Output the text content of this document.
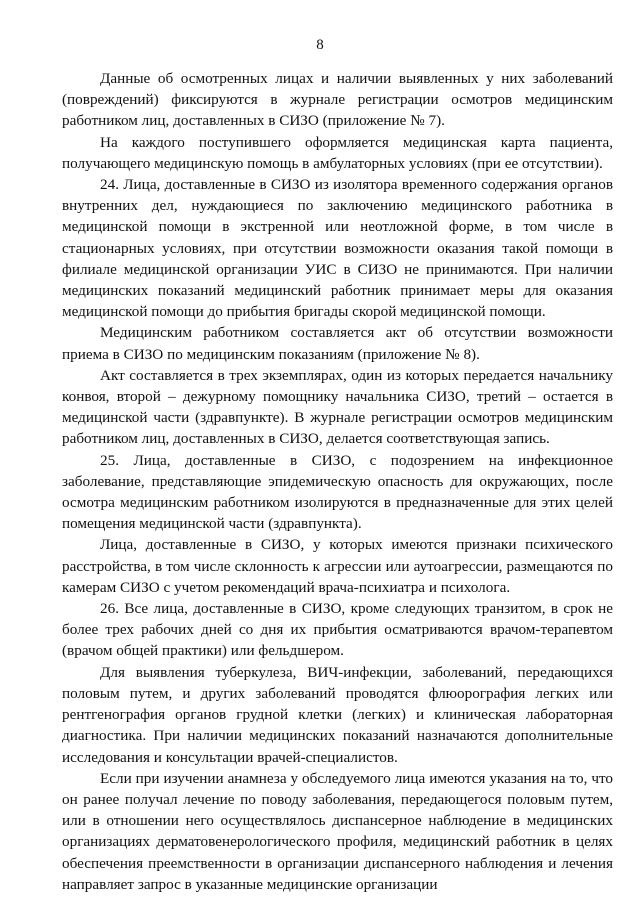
8

Данные об осмотренных лицах и наличии выявленных у них заболеваний (повреждений) фиксируются в журнале регистрации осмотров медицинским работником лиц, доставленных в СИЗО (приложение № 7).

На каждого поступившего оформляется медицинская карта пациента, получающего медицинскую помощь в амбулаторных условиях (при ее отсутствии).

24. Лица, доставленные в СИЗО из изолятора временного содержания органов внутренних дел, нуждающиеся по заключению медицинского работника в медицинской помощи в экстренной или неотложной форме, в том числе в стационарных условиях, при отсутствии возможности оказания такой помощи в филиале медицинской организации УИС в СИЗО не принимаются. При наличии медицинских показаний медицинский работник принимает меры для оказания медицинской помощи до прибытия бригады скорой медицинской помощи.

Медицинским работником составляется акт об отсутствии возможности приема в СИЗО по медицинским показаниям (приложение № 8).

Акт составляется в трех экземплярах, один из которых передается начальнику конвоя, второй – дежурному помощнику начальника СИЗО, третий – остается в медицинской части (здравпункте). В журнале регистрации осмотров медицинским работником лиц, доставленных в СИЗО, делается соответствующая запись.

25. Лица, доставленные в СИЗО, с подозрением на инфекционное заболевание, представляющие эпидемическую опасность для окружающих, после осмотра медицинским работником изолируются в предназначенные для этих целей помещения медицинской части (здравпункта).

Лица, доставленные в СИЗО, у которых имеются признаки психического расстройства, в том числе склонность к агрессии или аутоагрессии, размещаются по камерам СИЗО с учетом рекомендаций врача-психиатра и психолога.

26. Все лица, доставленные в СИЗО, кроме следующих транзитом, в срок не более трех рабочих дней со дня их прибытия осматриваются врачом-терапевтом (врачом общей практики) или фельдшером.

Для выявления туберкулеза, ВИЧ-инфекции, заболеваний, передающихся половым путем, и других заболеваний проводятся флюорография легких или рентгенография органов грудной клетки (легких) и клиническая лабораторная диагностика. При наличии медицинских показаний назначаются дополнительные исследования и консультации врачей-специалистов.

Если при изучении анамнеза у обследуемого лица имеются указания на то, что он ранее получал лечение по поводу заболевания, передающегося половым путем, или в отношении него осуществлялось диспансерное наблюдение в медицинских организациях дерматовенерологического профиля, медицинский работник в целях обеспечения преемственности в организации диспансерного наблюдения и лечения направляет запрос в указанные медицинские организации
